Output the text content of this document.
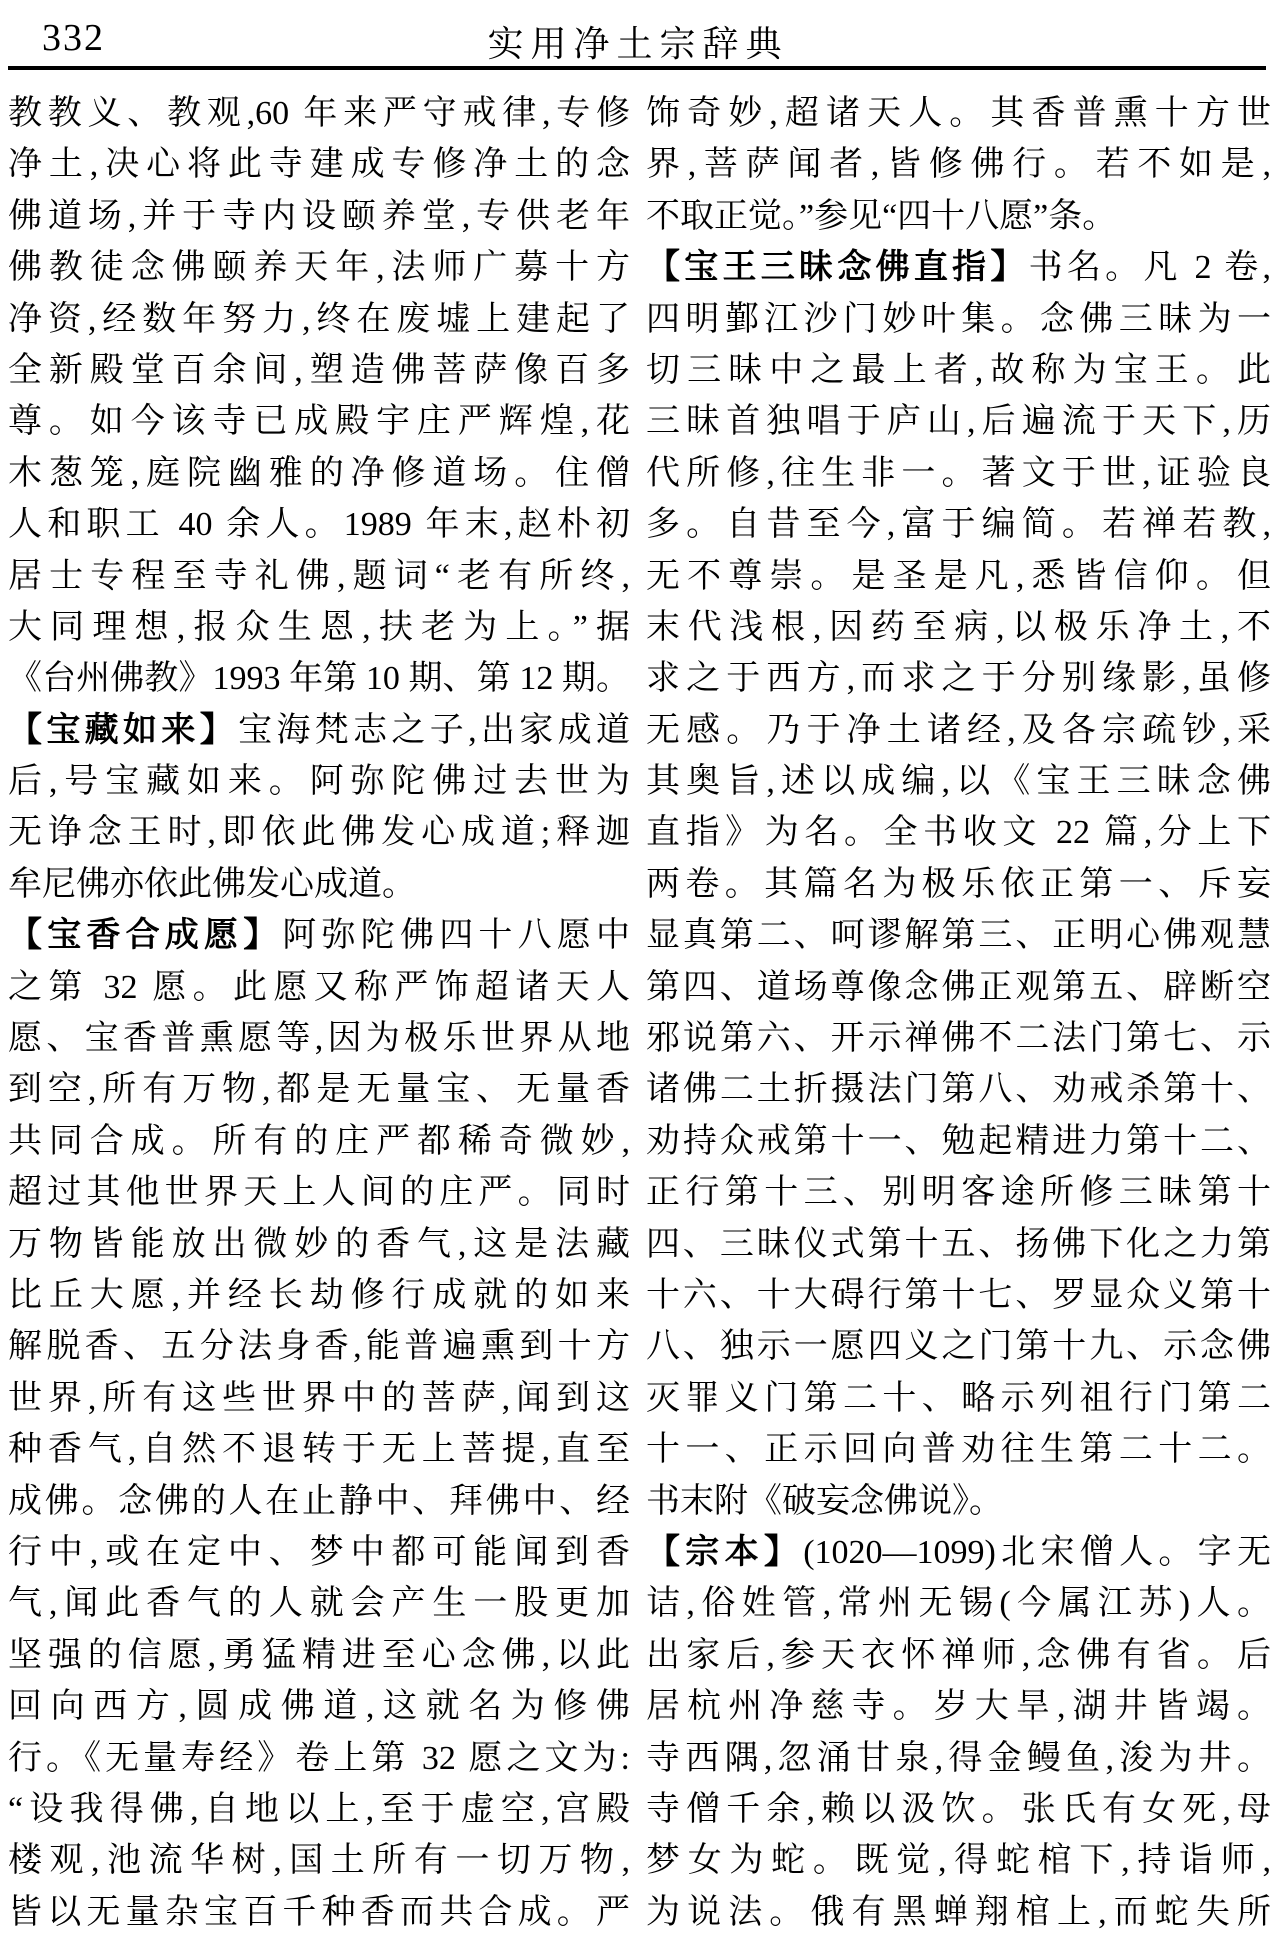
332	实用净土宗辞典
教教义、教观,60 年来严守戒律,专修
净土,决心将此寺建成专修净土的念
佛道场,并于寺内设颐养堂,专供老年
佛教徒念佛颐养天年,法师广募十方
净资,经数年努力,终在废墟上建起了
全新殿堂百余间,塑造佛菩萨像百多
尊。如今该寺已成殿宇庄严辉煌,花
木葱笼,庭院幽雅的净修道场。住僧
人和职工 40 余人。1989 年末,赵朴初
居士专程至寺礼佛,题词“老有所终,
大同理想,报众生恩,扶老为上。”据
《台州佛教》1993 年第 10 期、第 12 期。
【宝藏如来】宝海梵志之子,出家成道
后,号宝藏如来。阿弥陀佛过去世为
无诤念王时,即依此佛发心成道;释迦
牟尼佛亦依此佛发心成道。
【宝香合成愿】阿弥陀佛四十八愿中
之第 32 愿。此愿又称严饰超诸天人
愿、宝香普熏愿等,因为极乐世界从地
到空,所有万物,都是无量宝、无量香
共同合成。所有的庄严都稀奇微妙,
超过其他世界天上人间的庄严。同时
万物皆能放出微妙的香气,这是法藏
比丘大愿,并经长劫修行成就的如来
解脱香、五分法身香,能普遍熏到十方
世界,所有这些世界中的菩萨,闻到这
种香气,自然不退转于无上菩提,直至
成佛。念佛的人在止静中、拜佛中、经
行中,或在定中、梦中都可能闻到香
气,闻此香气的人就会产生一股更加
坚强的信愿,勇猛精进至心念佛,以此
回向西方,圆成佛道,这就名为修佛
行。《无量寿经》卷上第 32 愿之文为:
“设我得佛,自地以上,至于虚空,宫殿
楼观,池流华树,国土所有一切万物,
皆以无量杂宝百千种香而共合成。严
饰奇妙,超诸天人。其香普熏十方世
界,菩萨闻者,皆修佛行。若不如是,
不取正觉。”参见“四十八愿”条。
【宝王三昧念佛直指】书名。凡 2 卷,
四明鄞江沙门妙叶集。念佛三昧为一
切三昧中之最上者,故称为宝王。此
三昧首独唱于庐山,后遍流于天下,历
代所修,往生非一。著文于世,证验良
多。自昔至今,富于编简。若禅若教,
无不尊崇。是圣是凡,悉皆信仰。但
末代浅根,因药至病,以极乐净土,不
求之于西方,而求之于分别缘影,虽修
无感。乃于净土诸经,及各宗疏钞,采
其奥旨,述以成编,以《宝王三昧念佛
直指》为名。全书收文 22 篇,分上下
两卷。其篇名为极乐依正第一、斥妄
显真第二、呵谬解第三、正明心佛观慧
第四、道场尊像念佛正观第五、辟断空
邪说第六、开示禅佛不二法门第七、示
诸佛二土折摄法门第八、劝戒杀第十、
劝持众戒第十一、勉起精进力第十二、
正行第十三、别明客途所修三昧第十
四、三昧仪式第十五、扬佛下化之力第
十六、十大碍行第十七、罗显众义第十
八、独示一愿四义之门第十九、示念佛
灭罪义门第二十、略示列祖行门第二
十一、正示回向普劝往生第二十二。
书末附《破妄念佛说》。
【宗本】(1020—1099)北宋僧人。字无
诘,俗姓管,常州无锡(今属江苏)人。
出家后,参天衣怀禅师,念佛有省。后
居杭州净慈寺。岁大旱,湖井皆竭。
寺西隅,忽涌甘泉,得金鳗鱼,浚为井。
寺僧千余,赖以汲饮。张氏有女死,母
梦女为蛇。既觉,得蛇棺下,持诣师,
为说法。俄有黑蝉翔棺上,而蛇失所
